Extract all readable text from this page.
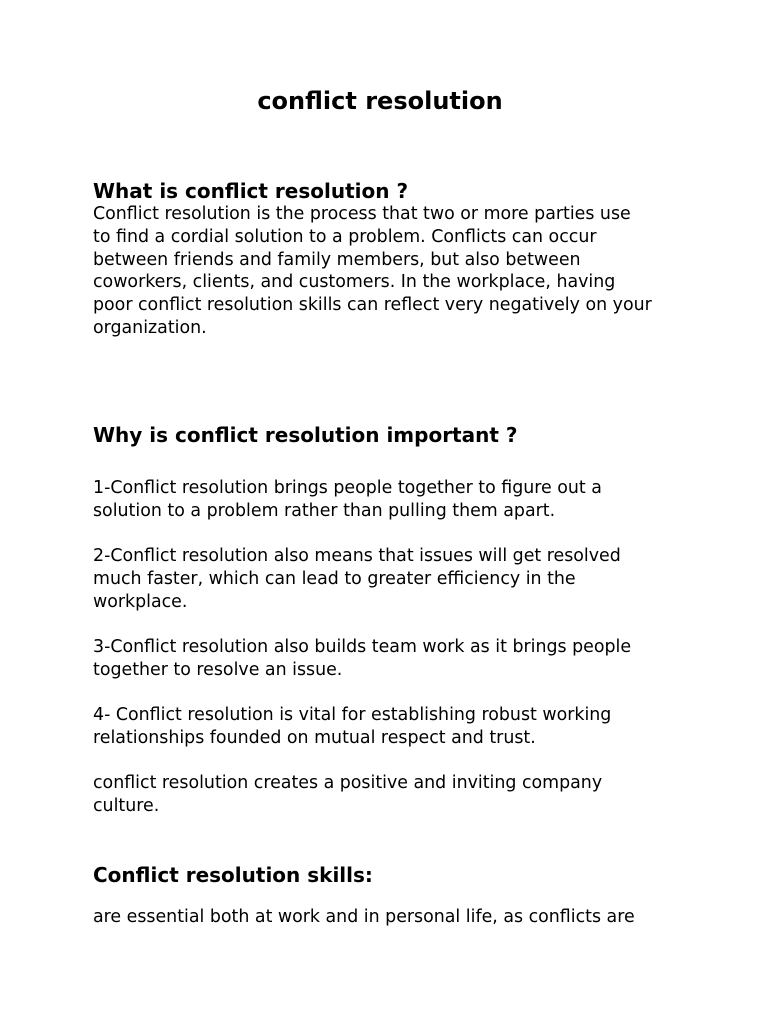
conflict resolution
What is conflict resolution ?
Conflict resolution is the process that two or more parties use
to find a cordial solution to a problem. Conflicts can occur
between friends and family members, but also between
coworkers, clients, and customers. In the workplace, having
poor conflict resolution skills can reflect very negatively on your
organization.
Why is conflict resolution important ?
1-Conflict resolution brings people together to figure out a
solution to a problem rather than pulling them apart.
2-Conflict resolution also means that issues will get resolved
much faster, which can lead to greater efficiency in the
workplace.
3-Conflict resolution also builds team work as it brings people
together to resolve an issue.
4- Conflict resolution is vital for establishing robust working
relationships founded on mutual respect and trust.
conflict resolution creates a positive and inviting company
culture.
Conflict resolution skills:
are essential both at work and in personal life, as conflicts are
